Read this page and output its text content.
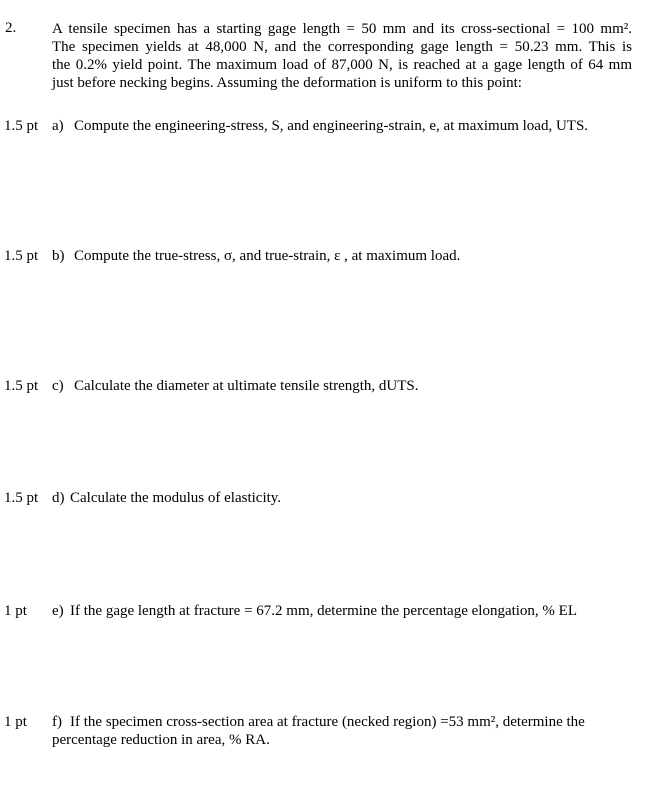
2. A tensile specimen has a starting gage length = 50 mm and its cross-sectional = 100 mm².
The specimen yields at 48,000 N, and the corresponding gage length = 50.23 mm. This is
the 0.2% yield point. The maximum load of 87,000 N, is reached at a gage length of 64 mm
just before necking begins. Assuming the deformation is uniform to this point:
1.5 pt a) Compute the engineering-stress, S, and engineering-strain, e, at maximum load, UTS.
1.5 pt b) Compute the true-stress, σ, and true-strain, ε , at maximum load.
1.5 pt c) Calculate the diameter at ultimate tensile strength, dUTS.
1.5 pt d) Calculate the modulus of elasticity.
1 pt e) If the gage length at fracture = 67.2 mm, determine the percentage elongation, % EL
1 pt f) If the specimen cross-section area at fracture (necked region) =53 mm², determine the
percentage reduction in area, % RA.
